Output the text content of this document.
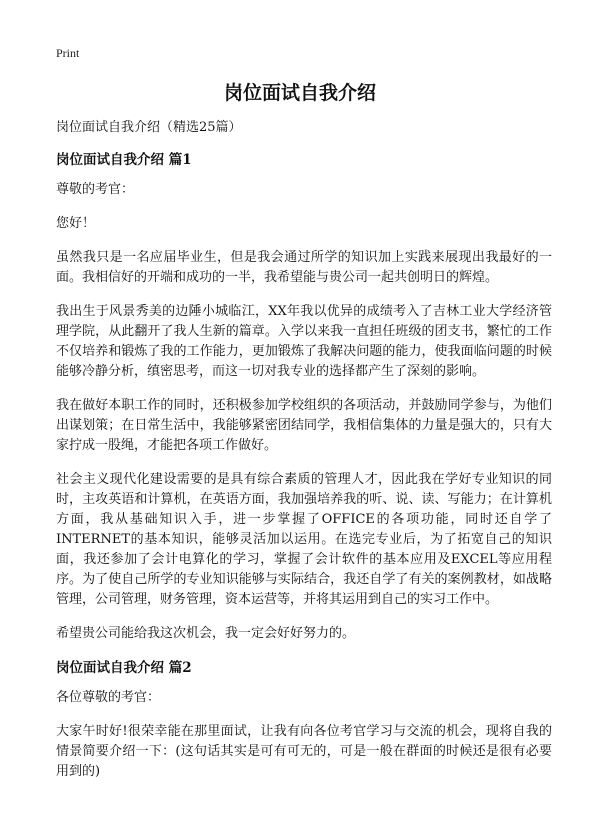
Print
岗位面试自我介绍

岗位面试自我介绍（精选25篇）

岗位面试自我介绍 篇1

尊敬的考官：

您好！

虽然我只是一名应届毕业生，但是我会通过所学的知识加上实践来展现出我最好的一面。我相信好的开端和成功的一半，我希望能与贵公司一起共创明日的辉煌。

我出生于风景秀美的边陲小城临江，XX年我以优异的成绩考入了吉林工业大学经济管理学院，从此翻开了我人生新的篇章。入学以来我一直担任班级的团支书，繁忙的工作不仅培养和锻炼了我的工作能力，更加锻炼了我解决问题的能力，使我面临问题的时候能够冷静分析，缜密思考，而这一切对我专业的选择都产生了深刻的影响。

我在做好本职工作的同时，还积极参加学校组织的各项活动，并鼓励同学参与，为他们出谋划策；在日常生活中，我能够紧密团结同学，我相信集体的力量是强大的，只有大家拧成一股绳，才能把各项工作做好。

社会主义现代化建设需要的是具有综合素质的管理人才，因此我在学好专业知识的同时，主攻英语和计算机，在英语方面，我加强培养我的听、说、读、写能力；在计算机方面，我从基础知识入手，进一步掌握了OFFICE的各项功能，同时还自学了INTERNET的基本知识，能够灵活加以运用。在选完专业后，为了拓宽自己的知识面，我还参加了会计电算化的学习，掌握了会计软件的基本应用及EXCEL等应用程序。为了使自己所学的专业知识能够与实际结合，我还自学了有关的案例教材，如战略管理，公司管理，财务管理，资本运营等，并将其运用到自己的实习工作中。

希望贵公司能给我这次机会，我一定会好好努力的。

岗位面试自我介绍 篇2

各位尊敬的考官：

大家午时好!很荣幸能在那里面试，让我有向各位考官学习与交流的机会，现将自我的情景简要介绍一下：(这句话其实是可有可无的，可是一般在群面的时候还是很有必要用到的)
